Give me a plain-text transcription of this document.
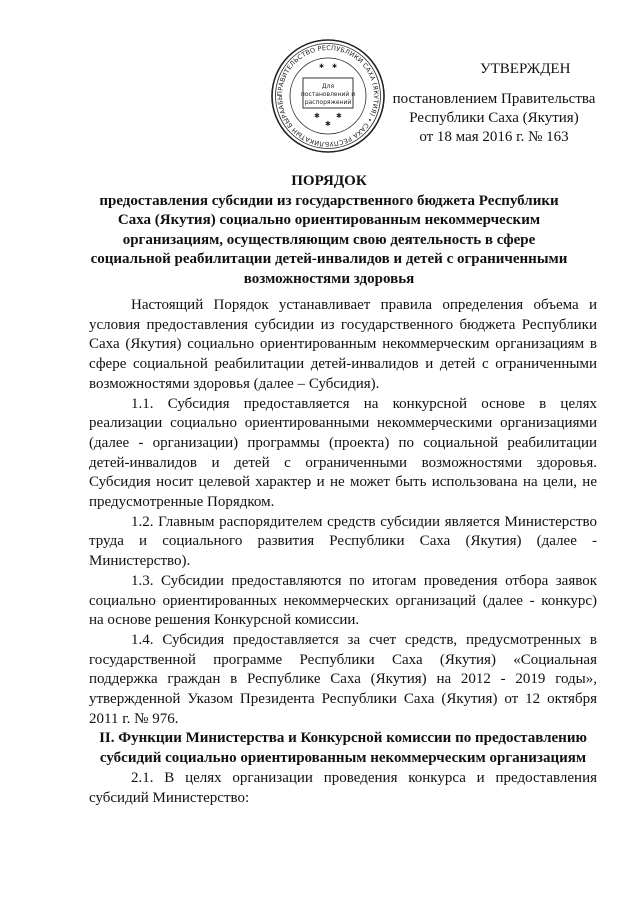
ПРАВИТЕЛЬСТВО РЕСПУБЛИКИ САХА (ЯКУТИЯ) • САХА РЕСПУБЛИКАТЫН БЫРААБЫ
Для
постановлений и
распоряжений
✱ ✱
✱
✱ ✱	УТВЕРЖДЕН
постановлением Правительства
Республики Саха (Якутия)
от 18 мая 2016 г. № 163
ПОРЯДОК
предоставления субсидии из государственного бюджета Республики Саха (Якутия) социально ориентированным некоммерческим организациям, осуществляющим свою деятельность в сфере социальной реабилитации детей-инвалидов и детей с ограниченными возможностями здоровья

Настоящий Порядок устанавливает правила определения объема и условия предоставления субсидии из государственного бюджета Республики Саха (Якутия) социально ориентированным некоммерческим организациям в сфере социальной реабилитации детей-инвалидов и детей с ограниченными возможностями здоровья (далее – Субсидия).

1.1. Субсидия предоставляется на конкурсной основе в целях реализации социально ориентированными некоммерческими организациями (далее - организации) программы (проекта) по социальной реабилитации детей-инвалидов и детей с ограниченными возможностями здоровья. Субсидия носит целевой характер и не может быть использована на цели, не предусмотренные Порядком.

1.2. Главным распорядителем средств субсидии является Министерство труда и социального развития Республики Саха (Якутия) (далее - Министерство).

1.3. Субсидии предоставляются по итогам проведения отбора заявок социально ориентированных некоммерческих организаций (далее - конкурс) на основе решения Конкурсной комиссии.

1.4. Субсидия предоставляется за счет средств, предусмотренных в государственной программе Республики Саха (Якутия) «Социальная поддержка граждан в Республике Саха (Якутия) на 2012 - 2019 годы», утвержденной Указом Президента Республики Саха (Якутия) от 12 октября 2011 г. № 976.

II. Функции Министерства и Конкурсной комиссии по предоставлению субсидий социально ориентированным некоммерческим организациям

2.1. В целях организации проведения конкурса и предоставления субсидий Министерство:
